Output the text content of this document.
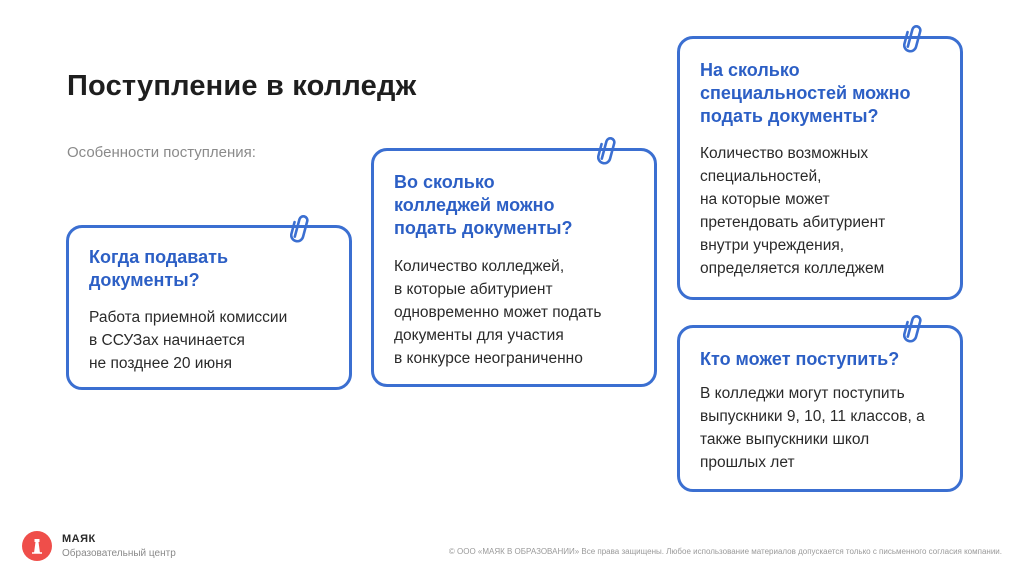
Поступление в колледж
Особенности поступления:
Когда подавать
документы?
Работа приемной комиссии
в ССУЗах начинается
не позднее 20 июня
Во сколько
колледжей можно
подать документы?
Количество колледжей,
в которые абитуриент
одновременно может подать
документы для участия
в конкурсе неограниченно
На сколько
специальностей можно
подать документы?
Количество возможных
специальностей,
на которые может
претендовать абитуриент
внутри учреждения,
определяется колледжем
Кто может поступить?
В колледжи могут поступить
выпускники 9, 10, 11 классов, а
также выпускники школ
прошлых лет
МАЯК
Образовательный центр	© ООО «МАЯК В ОБРАЗОВАНИИ» Все права защищены. Любое использование материалов допускается только с письменного согласия компании.
